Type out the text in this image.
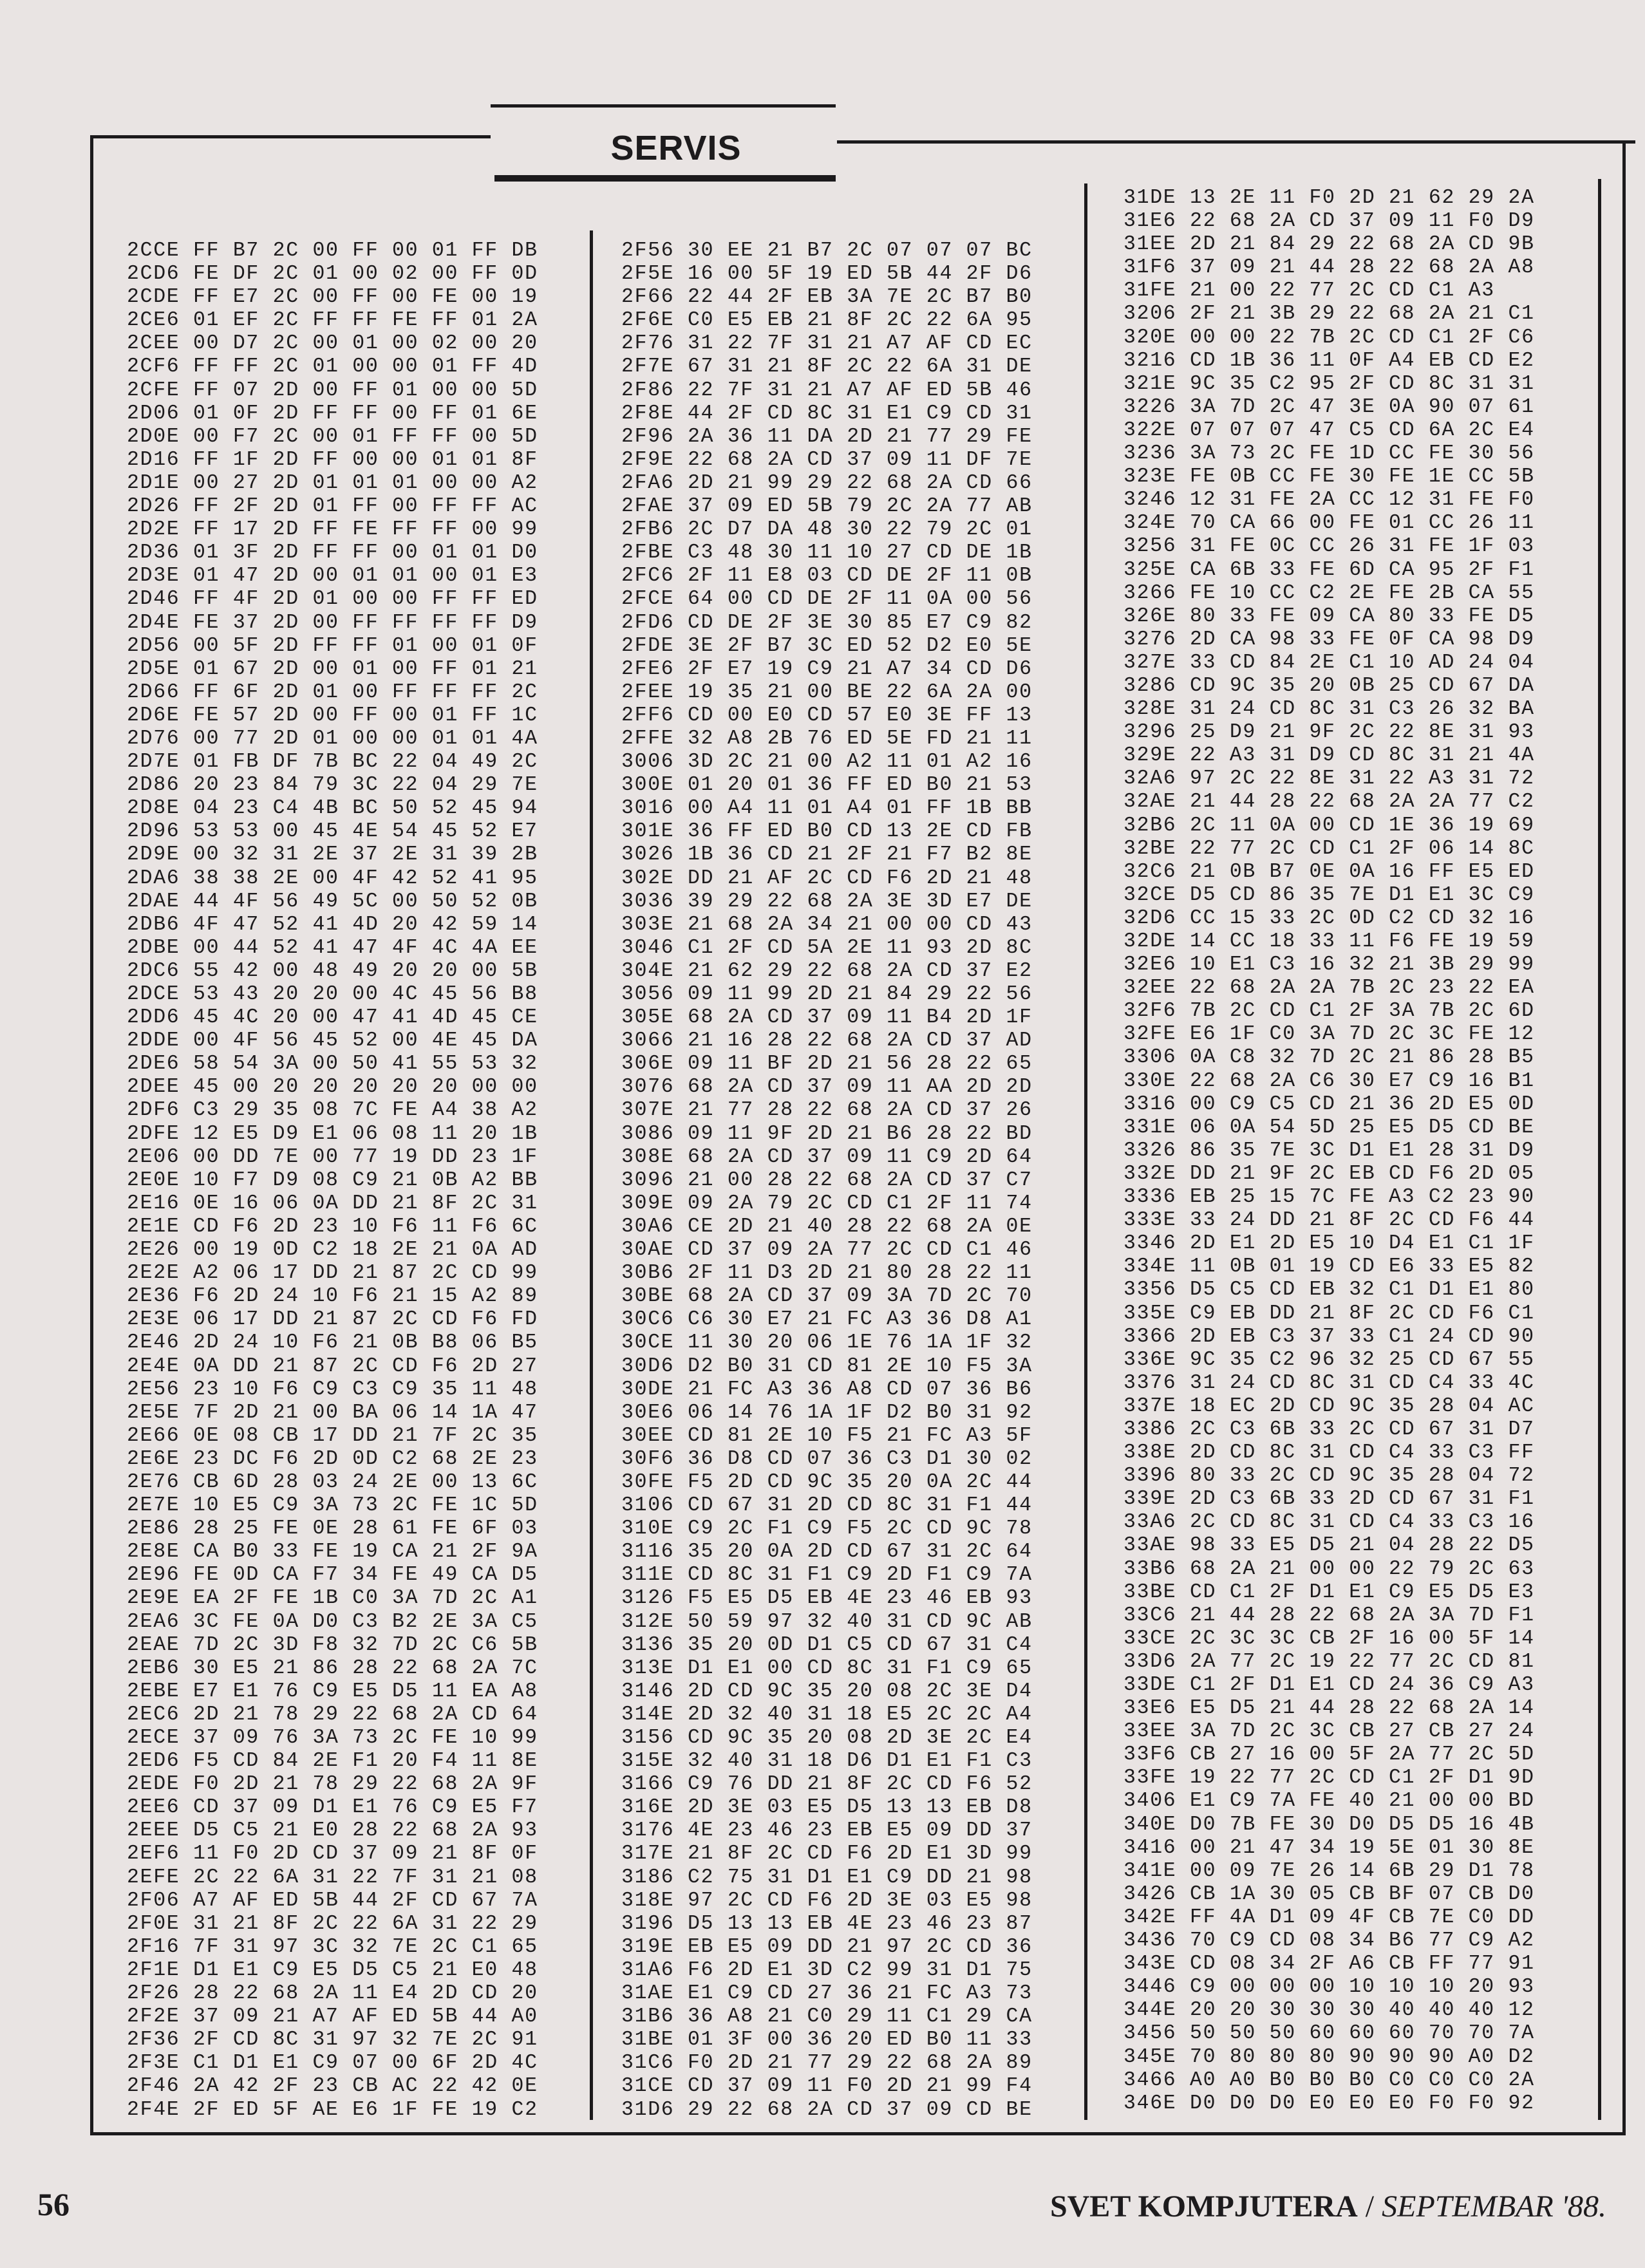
SERVIS
2CCE FF B7 2C 00 FF 00 01 FF DB
2CD6 FE DF 2C 01 00 02 00 FF 0D
2CDE FF E7 2C 00 FF 00 FE 00 19
2CE6 01 EF 2C FF FF FE FF 01 2A
2CEE 00 D7 2C 00 01 00 02 00 20
2CF6 FF FF 2C 01 00 00 01 FF 4D
2CFE FF 07 2D 00 FF 01 00 00 5D
2D06 01 0F 2D FF FF 00 FF 01 6E
2D0E 00 F7 2C 00 01 FF FF 00 5D
2D16 FF 1F 2D FF 00 00 01 01 8F
2D1E 00 27 2D 01 01 01 00 00 A2
2D26 FF 2F 2D 01 FF 00 FF FF AC
2D2E FF 17 2D FF FE FF FF 00 99
2D36 01 3F 2D FF FF 00 01 01 D0
2D3E 01 47 2D 00 01 01 00 01 E3
2D46 FF 4F 2D 01 00 00 FF FF ED
2D4E FE 37 2D 00 FF FF FF FF D9
2D56 00 5F 2D FF FF 01 00 01 0F
2D5E 01 67 2D 00 01 00 FF 01 21
2D66 FF 6F 2D 01 00 FF FF FF 2C
2D6E FE 57 2D 00 FF 00 01 FF 1C
2D76 00 77 2D 01 00 00 01 01 4A
2D7E 01 FB DF 7B BC 22 04 49 2C
2D86 20 23 84 79 3C 22 04 29 7E
2D8E 04 23 C4 4B BC 50 52 45 94
2D96 53 53 00 45 4E 54 45 52 E7
2D9E 00 32 31 2E 37 2E 31 39 2B
2DA6 38 38 2E 00 4F 42 52 41 95
2DAE 44 4F 56 49 5C 00 50 52 0B
2DB6 4F 47 52 41 4D 20 42 59 14
2DBE 00 44 52 41 47 4F 4C 4A EE
2DC6 55 42 00 48 49 20 20 00 5B
2DCE 53 43 20 20 00 4C 45 56 B8
2DD6 45 4C 20 00 47 41 4D 45 CE
2DDE 00 4F 56 45 52 00 4E 45 DA
2DE6 58 54 3A 00 50 41 55 53 32
2DEE 45 00 20 20 20 20 20 00 00
2DF6 C3 29 35 08 7C FE A4 38 A2
2DFE 12 E5 D9 E1 06 08 11 20 1B
2E06 00 DD 7E 00 77 19 DD 23 1F
2E0E 10 F7 D9 08 C9 21 0B A2 BB
2E16 0E 16 06 0A DD 21 8F 2C 31
2E1E CD F6 2D 23 10 F6 11 F6 6C
2E26 00 19 0D C2 18 2E 21 0A AD
2E2E A2 06 17 DD 21 87 2C CD 99
2E36 F6 2D 24 10 F6 21 15 A2 89
2E3E 06 17 DD 21 87 2C CD F6 FD
2E46 2D 24 10 F6 21 0B B8 06 B5
2E4E 0A DD 21 87 2C CD F6 2D 27
2E56 23 10 F6 C9 C3 C9 35 11 48
2E5E 7F 2D 21 00 BA 06 14 1A 47
2E66 0E 08 CB 17 DD 21 7F 2C 35
2E6E 23 DC F6 2D 0D C2 68 2E 23
2E76 CB 6D 28 03 24 2E 00 13 6C
2E7E 10 E5 C9 3A 73 2C FE 1C 5D
2E86 28 25 FE 0E 28 61 FE 6F 03
2E8E CA B0 33 FE 19 CA 21 2F 9A
2E96 FE 0D CA F7 34 FE 49 CA D5
2E9E EA 2F FE 1B C0 3A 7D 2C A1
2EA6 3C FE 0A D0 C3 B2 2E 3A C5
2EAE 7D 2C 3D F8 32 7D 2C C6 5B
2EB6 30 E5 21 86 28 22 68 2A 7C
2EBE E7 E1 76 C9 E5 D5 11 EA A8
2EC6 2D 21 78 29 22 68 2A CD 64
2ECE 37 09 76 3A 73 2C FE 10 99
2ED6 F5 CD 84 2E F1 20 F4 11 8E
2EDE F0 2D 21 78 29 22 68 2A 9F
2EE6 CD 37 09 D1 E1 76 C9 E5 F7
2EEE D5 C5 21 E0 28 22 68 2A 93
2EF6 11 F0 2D CD 37 09 21 8F 0F
2EFE 2C 22 6A 31 22 7F 31 21 08
2F06 A7 AF ED 5B 44 2F CD 67 7A
2F0E 31 21 8F 2C 22 6A 31 22 29
2F16 7F 31 97 3C 32 7E 2C C1 65
2F1E D1 E1 C9 E5 D5 C5 21 E0 48
2F26 28 22 68 2A 11 E4 2D CD 20
2F2E 37 09 21 A7 AF ED 5B 44 A0
2F36 2F CD 8C 31 97 32 7E 2C 91
2F3E C1 D1 E1 C9 07 00 6F 2D 4C
2F46 2A 42 2F 23 CB AC 22 42 0E
2F4E 2F ED 5F AE E6 1F FE 19 C2
2F56 30 EE 21 B7 2C 07 07 07 BC
2F5E 16 00 5F 19 ED 5B 44 2F D6
2F66 22 44 2F EB 3A 7E 2C B7 B0
2F6E C0 E5 EB 21 8F 2C 22 6A 95
2F76 31 22 7F 31 21 A7 AF CD EC
2F7E 67 31 21 8F 2C 22 6A 31 DE
2F86 22 7F 31 21 A7 AF ED 5B 46
2F8E 44 2F CD 8C 31 E1 C9 CD 31
2F96 2A 36 11 DA 2D 21 77 29 FE
2F9E 22 68 2A CD 37 09 11 DF 7E
2FA6 2D 21 99 29 22 68 2A CD 66
2FAE 37 09 ED 5B 79 2C 2A 77 AB
2FB6 2C D7 DA 48 30 22 79 2C 01
2FBE C3 48 30 11 10 27 CD DE 1B
2FC6 2F 11 E8 03 CD DE 2F 11 0B
2FCE 64 00 CD DE 2F 11 0A 00 56
2FD6 CD DE 2F 3E 30 85 E7 C9 82
2FDE 3E 2F B7 3C ED 52 D2 E0 5E
2FE6 2F E7 19 C9 21 A7 34 CD D6
2FEE 19 35 21 00 BE 22 6A 2A 00
2FF6 CD 00 E0 CD 57 E0 3E FF 13
2FFE 32 A8 2B 76 ED 5E FD 21 11
3006 3D 2C 21 00 A2 11 01 A2 16
300E 01 20 01 36 FF ED B0 21 53
3016 00 A4 11 01 A4 01 FF 1B BB
301E 36 FF ED B0 CD 13 2E CD FB
3026 1B 36 CD 21 2F 21 F7 B2 8E
302E DD 21 AF 2C CD F6 2D 21 48
3036 39 29 22 68 2A 3E 3D E7 DE
303E 21 68 2A 34 21 00 00 CD 43
3046 C1 2F CD 5A 2E 11 93 2D 8C
304E 21 62 29 22 68 2A CD 37 E2
3056 09 11 99 2D 21 84 29 22 56
305E 68 2A CD 37 09 11 B4 2D 1F
3066 21 16 28 22 68 2A CD 37 AD
306E 09 11 BF 2D 21 56 28 22 65
3076 68 2A CD 37 09 11 AA 2D 2D
307E 21 77 28 22 68 2A CD 37 26
3086 09 11 9F 2D 21 B6 28 22 BD
308E 68 2A CD 37 09 11 C9 2D 64
3096 21 00 28 22 68 2A CD 37 C7
309E 09 2A 79 2C CD C1 2F 11 74
30A6 CE 2D 21 40 28 22 68 2A 0E
30AE CD 37 09 2A 77 2C CD C1 46
30B6 2F 11 D3 2D 21 80 28 22 11
30BE 68 2A CD 37 09 3A 7D 2C 70
30C6 C6 30 E7 21 FC A3 36 D8 A1
30CE 11 30 20 06 1E 76 1A 1F 32
30D6 D2 B0 31 CD 81 2E 10 F5 3A
30DE 21 FC A3 36 A8 CD 07 36 B6
30E6 06 14 76 1A 1F D2 B0 31 92
30EE CD 81 2E 10 F5 21 FC A3 5F
30F6 36 D8 CD 07 36 C3 D1 30 02
30FE F5 2D CD 9C 35 20 0A 2C 44
3106 CD 67 31 2D CD 8C 31 F1 44
310E C9 2C F1 C9 F5 2C CD 9C 78
3116 35 20 0A 2D CD 67 31 2C 64
311E CD 8C 31 F1 C9 2D F1 C9 7A
3126 F5 E5 D5 EB 4E 23 46 EB 93
312E 50 59 97 32 40 31 CD 9C AB
3136 35 20 0D D1 C5 CD 67 31 C4
313E D1 E1 00 CD 8C 31 F1 C9 65
3146 2D CD 9C 35 20 08 2C 3E D4
314E 2D 32 40 31 18 E5 2C 2C A4
3156 CD 9C 35 20 08 2D 3E 2C E4
315E 32 40 31 18 D6 D1 E1 F1 C3
3166 C9 76 DD 21 8F 2C CD F6 52
316E 2D 3E 03 E5 D5 13 13 EB D8
3176 4E 23 46 23 EB E5 09 DD 37
317E 21 8F 2C CD F6 2D E1 3D 99
3186 C2 75 31 D1 E1 C9 DD 21 98
318E 97 2C CD F6 2D 3E 03 E5 98
3196 D5 13 13 EB 4E 23 46 23 87
319E EB E5 09 DD 21 97 2C CD 36
31A6 F6 2D E1 3D C2 99 31 D1 75
31AE E1 C9 CD 27 36 21 FC A3 73
31B6 36 A8 21 C0 29 11 C1 29 CA
31BE 01 3F 00 36 20 ED B0 11 33
31C6 F0 2D 21 77 29 22 68 2A 89
31CE CD 37 09 11 F0 2D 21 99 F4
31D6 29 22 68 2A CD 37 09 CD BE
31DE 13 2E 11 F0 2D 21 62 29 2A
31E6 22 68 2A CD 37 09 11 F0 D9
31EE 2D 21 84 29 22 68 2A CD 9B
31F6 37 09 21 44 28 22 68 2A A8
31FE 21 00 22 77 2C CD C1 A3
3206 2F 21 3B 29 22 68 2A 21 C1
320E 00 00 22 7B 2C CD C1 2F C6
3216 CD 1B 36 11 0F A4 EB CD E2
321E 9C 35 C2 95 2F CD 8C 31 31
3226 3A 7D 2C 47 3E 0A 90 07 61
322E 07 07 07 47 C5 CD 6A 2C E4
3236 3A 73 2C FE 1D CC FE 30 56
323E FE 0B CC FE 30 FE 1E CC 5B
3246 12 31 FE 2A CC 12 31 FE F0
324E 70 CA 66 00 FE 01 CC 26 11
3256 31 FE 0C CC 26 31 FE 1F 03
325E CA 6B 33 FE 6D CA 95 2F F1
3266 FE 10 CC C2 2E FE 2B CA 55
326E 80 33 FE 09 CA 80 33 FE D5
3276 2D CA 98 33 FE 0F CA 98 D9
327E 33 CD 84 2E C1 10 AD 24 04
3286 CD 9C 35 20 0B 25 CD 67 DA
328E 31 24 CD 8C 31 C3 26 32 BA
3296 25 D9 21 9F 2C 22 8E 31 93
329E 22 A3 31 D9 CD 8C 31 21 4A
32A6 97 2C 22 8E 31 22 A3 31 72
32AE 21 44 28 22 68 2A 2A 77 C2
32B6 2C 11 0A 00 CD 1E 36 19 69
32BE 22 77 2C CD C1 2F 06 14 8C
32C6 21 0B B7 0E 0A 16 FF E5 ED
32CE D5 CD 86 35 7E D1 E1 3C C9
32D6 CC 15 33 2C 0D C2 CD 32 16
32DE 14 CC 18 33 11 F6 FE 19 59
32E6 10 E1 C3 16 32 21 3B 29 99
32EE 22 68 2A 2A 7B 2C 23 22 EA
32F6 7B 2C CD C1 2F 3A 7B 2C 6D
32FE E6 1F C0 3A 7D 2C 3C FE 12
3306 0A C8 32 7D 2C 21 86 28 B5
330E 22 68 2A C6 30 E7 C9 16 B1
3316 00 C9 C5 CD 21 36 2D E5 0D
331E 06 0A 54 5D 25 E5 D5 CD BE
3326 86 35 7E 3C D1 E1 28 31 D9
332E DD 21 9F 2C EB CD F6 2D 05
3336 EB 25 15 7C FE A3 C2 23 90
333E 33 24 DD 21 8F 2C CD F6 44
3346 2D E1 2D E5 10 D4 E1 C1 1F
334E 11 0B 01 19 CD E6 33 E5 82
3356 D5 C5 CD EB 32 C1 D1 E1 80
335E C9 EB DD 21 8F 2C CD F6 C1
3366 2D EB C3 37 33 C1 24 CD 90
336E 9C 35 C2 96 32 25 CD 67 55
3376 31 24 CD 8C 31 CD C4 33 4C
337E 18 EC 2D CD 9C 35 28 04 AC
3386 2C C3 6B 33 2C CD 67 31 D7
338E 2D CD 8C 31 CD C4 33 C3 FF
3396 80 33 2C CD 9C 35 28 04 72
339E 2D C3 6B 33 2D CD 67 31 F1
33A6 2C CD 8C 31 CD C4 33 C3 16
33AE 98 33 E5 D5 21 04 28 22 D5
33B6 68 2A 21 00 00 22 79 2C 63
33BE CD C1 2F D1 E1 C9 E5 D5 E3
33C6 21 44 28 22 68 2A 3A 7D F1
33CE 2C 3C 3C CB 2F 16 00 5F 14
33D6 2A 77 2C 19 22 77 2C CD 81
33DE C1 2F D1 E1 CD 24 36 C9 A3
33E6 E5 D5 21 44 28 22 68 2A 14
33EE 3A 7D 2C 3C CB 27 CB 27 24
33F6 CB 27 16 00 5F 2A 77 2C 5D
33FE 19 22 77 2C CD C1 2F D1 9D
3406 E1 C9 7A FE 40 21 00 00 BD
340E D0 7B FE 30 D0 D5 D5 16 4B
3416 00 21 47 34 19 5E 01 30 8E
341E 00 09 7E 26 14 6B 29 D1 78
3426 CB 1A 30 05 CB BF 07 CB D0
342E FF 4A D1 09 4F CB 7E C0 DD
3436 70 C9 CD 08 34 B6 77 C9 A2
343E CD 08 34 2F A6 CB FF 77 91
3446 C9 00 00 00 10 10 10 20 93
344E 20 20 30 30 30 40 40 40 12
3456 50 50 50 60 60 60 70 70 7A
345E 70 80 80 80 90 90 90 A0 D2
3466 A0 A0 B0 B0 B0 C0 C0 C0 2A
346E D0 D0 D0 E0 E0 E0 F0 F0 92
56	SVET KOMPJUTERA / SEPTEMBAR '88.
